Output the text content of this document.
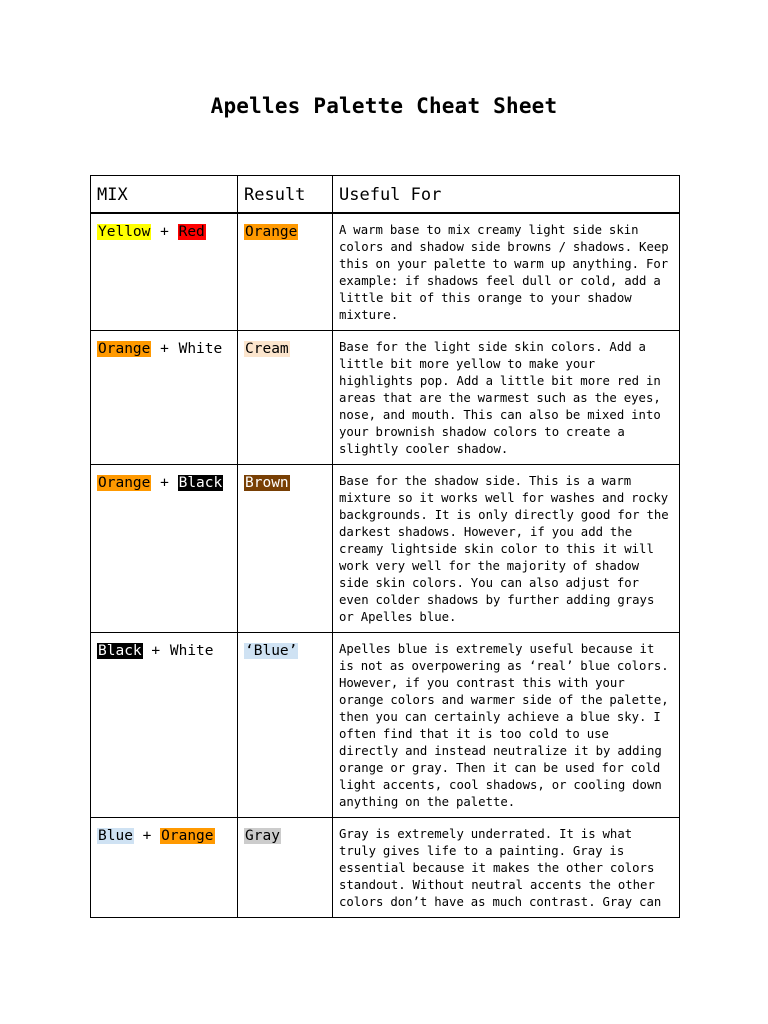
Apelles Palette Cheat Sheet
MIX	Result	Useful For
Yellow + Red	Orange	A warm base to mix creamy light side skin colors and shadow side browns / shadows. Keep this on your palette to warm up anything. For example: if shadows feel dull or cold, add a little bit of this orange to your shadow mixture.
Orange + White	Cream	Base for the light side skin colors. Add a little bit more yellow to make your highlights pop. Add a little bit more red in areas that are the warmest such as the eyes, nose, and mouth. This can also be mixed into your brownish shadow colors to create a slightly cooler shadow.
Orange + Black	Brown	Base for the shadow side. This is a warm mixture so it works well for washes and rocky backgrounds. It is only directly good for the darkest shadows. However, if you add the creamy lightside skin color to this it will work very well for the majority of shadow side skin colors. You can also adjust for even colder shadows by further adding grays or Apelles blue.
Black + White	‘Blue’	Apelles blue is extremely useful because it is not as overpowering as ‘real’ blue colors. However, if you contrast this with your orange colors and warmer side of the palette, then you can certainly achieve a blue sky. I often find that it is too cold to use directly and instead neutralize it by adding orange or gray. Then it can be used for cold light accents, cool shadows, or cooling down anything on the palette.
Blue + Orange	Gray	Gray is extremely underrated. It is what truly gives life to a painting. Gray is essential because it makes the other colors standout. Without neutral accents the other colors don’t have as much contrast. Gray can
